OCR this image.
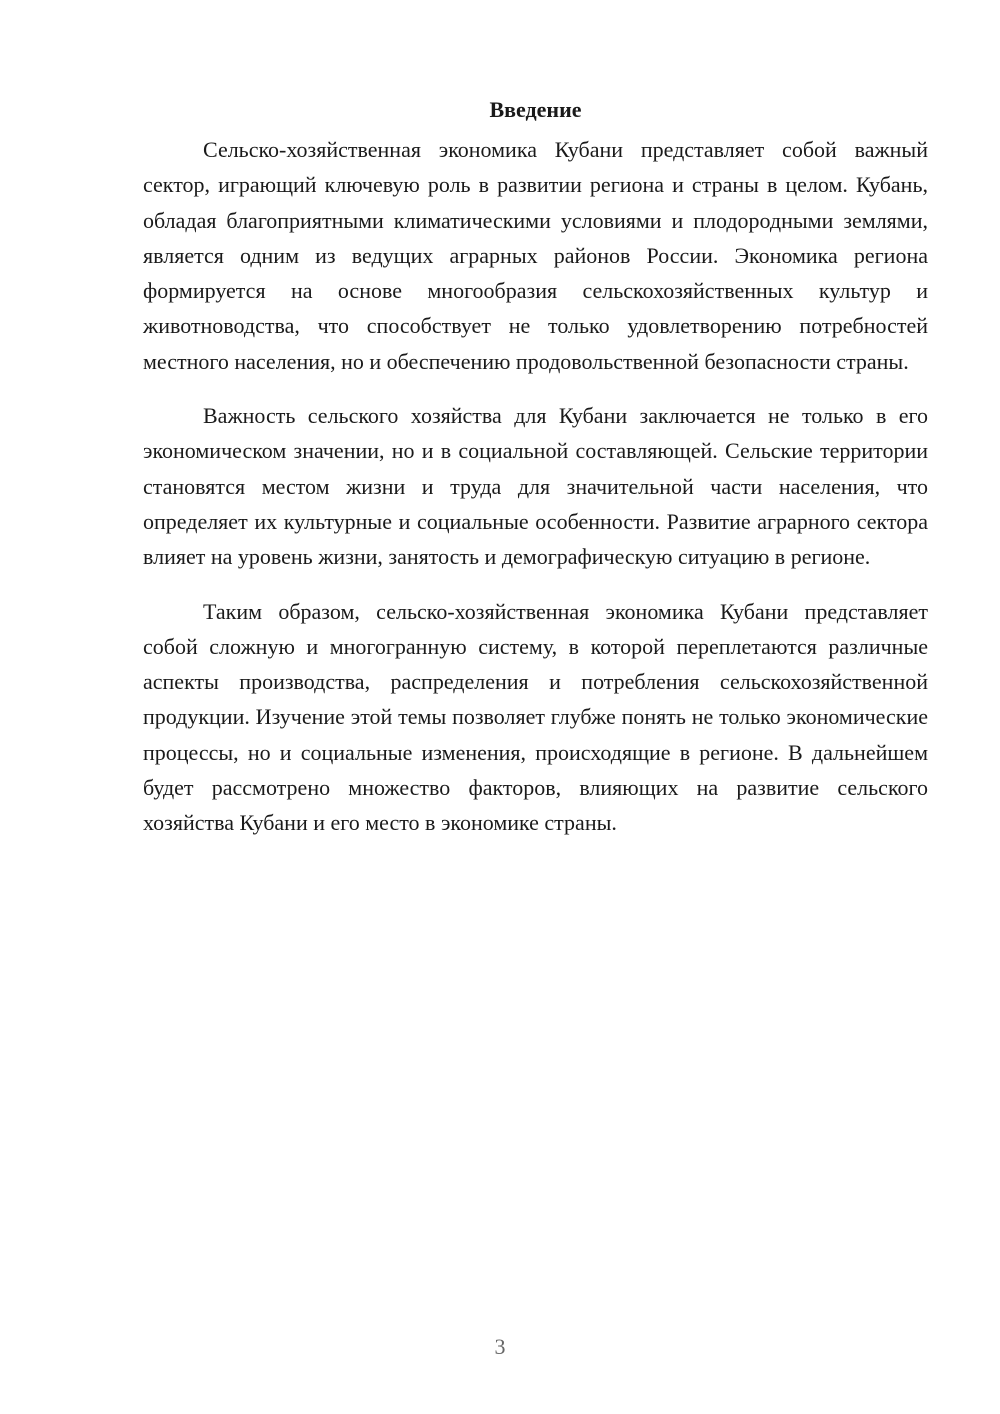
Введение

Сельско-хозяйственная экономика Кубани представляет собой важный сектор, играющий ключевую роль в развитии региона и страны в целом. Кубань, обладая благоприятными климатическими условиями и плодородными землями, является одним из ведущих аграрных районов России. Экономика региона формируется на основе многообразия сельскохозяйственных культур и животноводства, что способствует не только удовлетворению потребностей местного населения, но и обеспечению продовольственной безопасности страны.

Важность сельского хозяйства для Кубани заключается не только в его экономическом значении, но и в социальной составляющей. Сельские территории становятся местом жизни и труда для значительной части населения, что определяет их культурные и социальные особенности. Развитие аграрного сектора влияет на уровень жизни, занятость и демографическую ситуацию в регионе.

Таким образом, сельско-хозяйственная экономика Кубани представляет собой сложную и многогранную систему, в которой переплетаются различные аспекты производства, распределения и потребления сельскохозяйственной продукции. Изучение этой темы позволяет глубже понять не только экономические процессы, но и социальные изменения, происходящие в регионе. В дальнейшем будет рассмотрено множество факторов, влияющих на развитие сельского хозяйства Кубани и его место в экономике страны.

3
